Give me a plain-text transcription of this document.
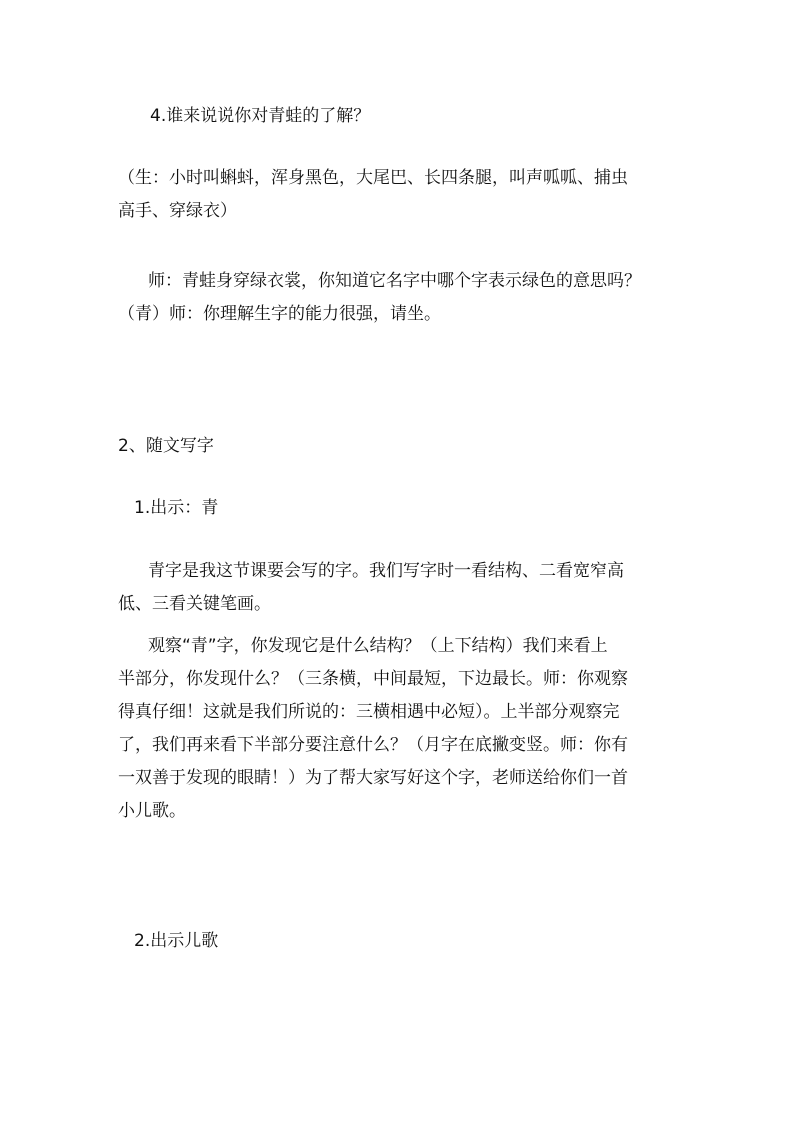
4.谁来说说你对青蛙的了解？

（生：小时叫蝌蚪，浑身黑色，大尾巴、长四条腿，叫声呱呱、捕虫
高手、穿绿衣）

师：青蛙身穿绿衣裳，你知道它名字中哪个字表示绿色的意思吗？
（青）师：你理解生字的能力很强，请坐。

2、随文写字

1.出示：青

青字是我这节课要会写的字。我们写字时一看结构、二看宽窄高
低、三看关键笔画。

观察“青”字，你发现它是什么结构？（上下结构）我们来看上
半部分，你发现什么？（三条横，中间最短，下边最长。师：你观察
得真仔细！这就是我们所说的：三横相遇中必短）。上半部分观察完
了，我们再来看下半部分要注意什么？（月字在底撇变竖。师：你有
一双善于发现的眼睛！）为了帮大家写好这个字，老师送给你们一首
小儿歌。

2.出示儿歌
